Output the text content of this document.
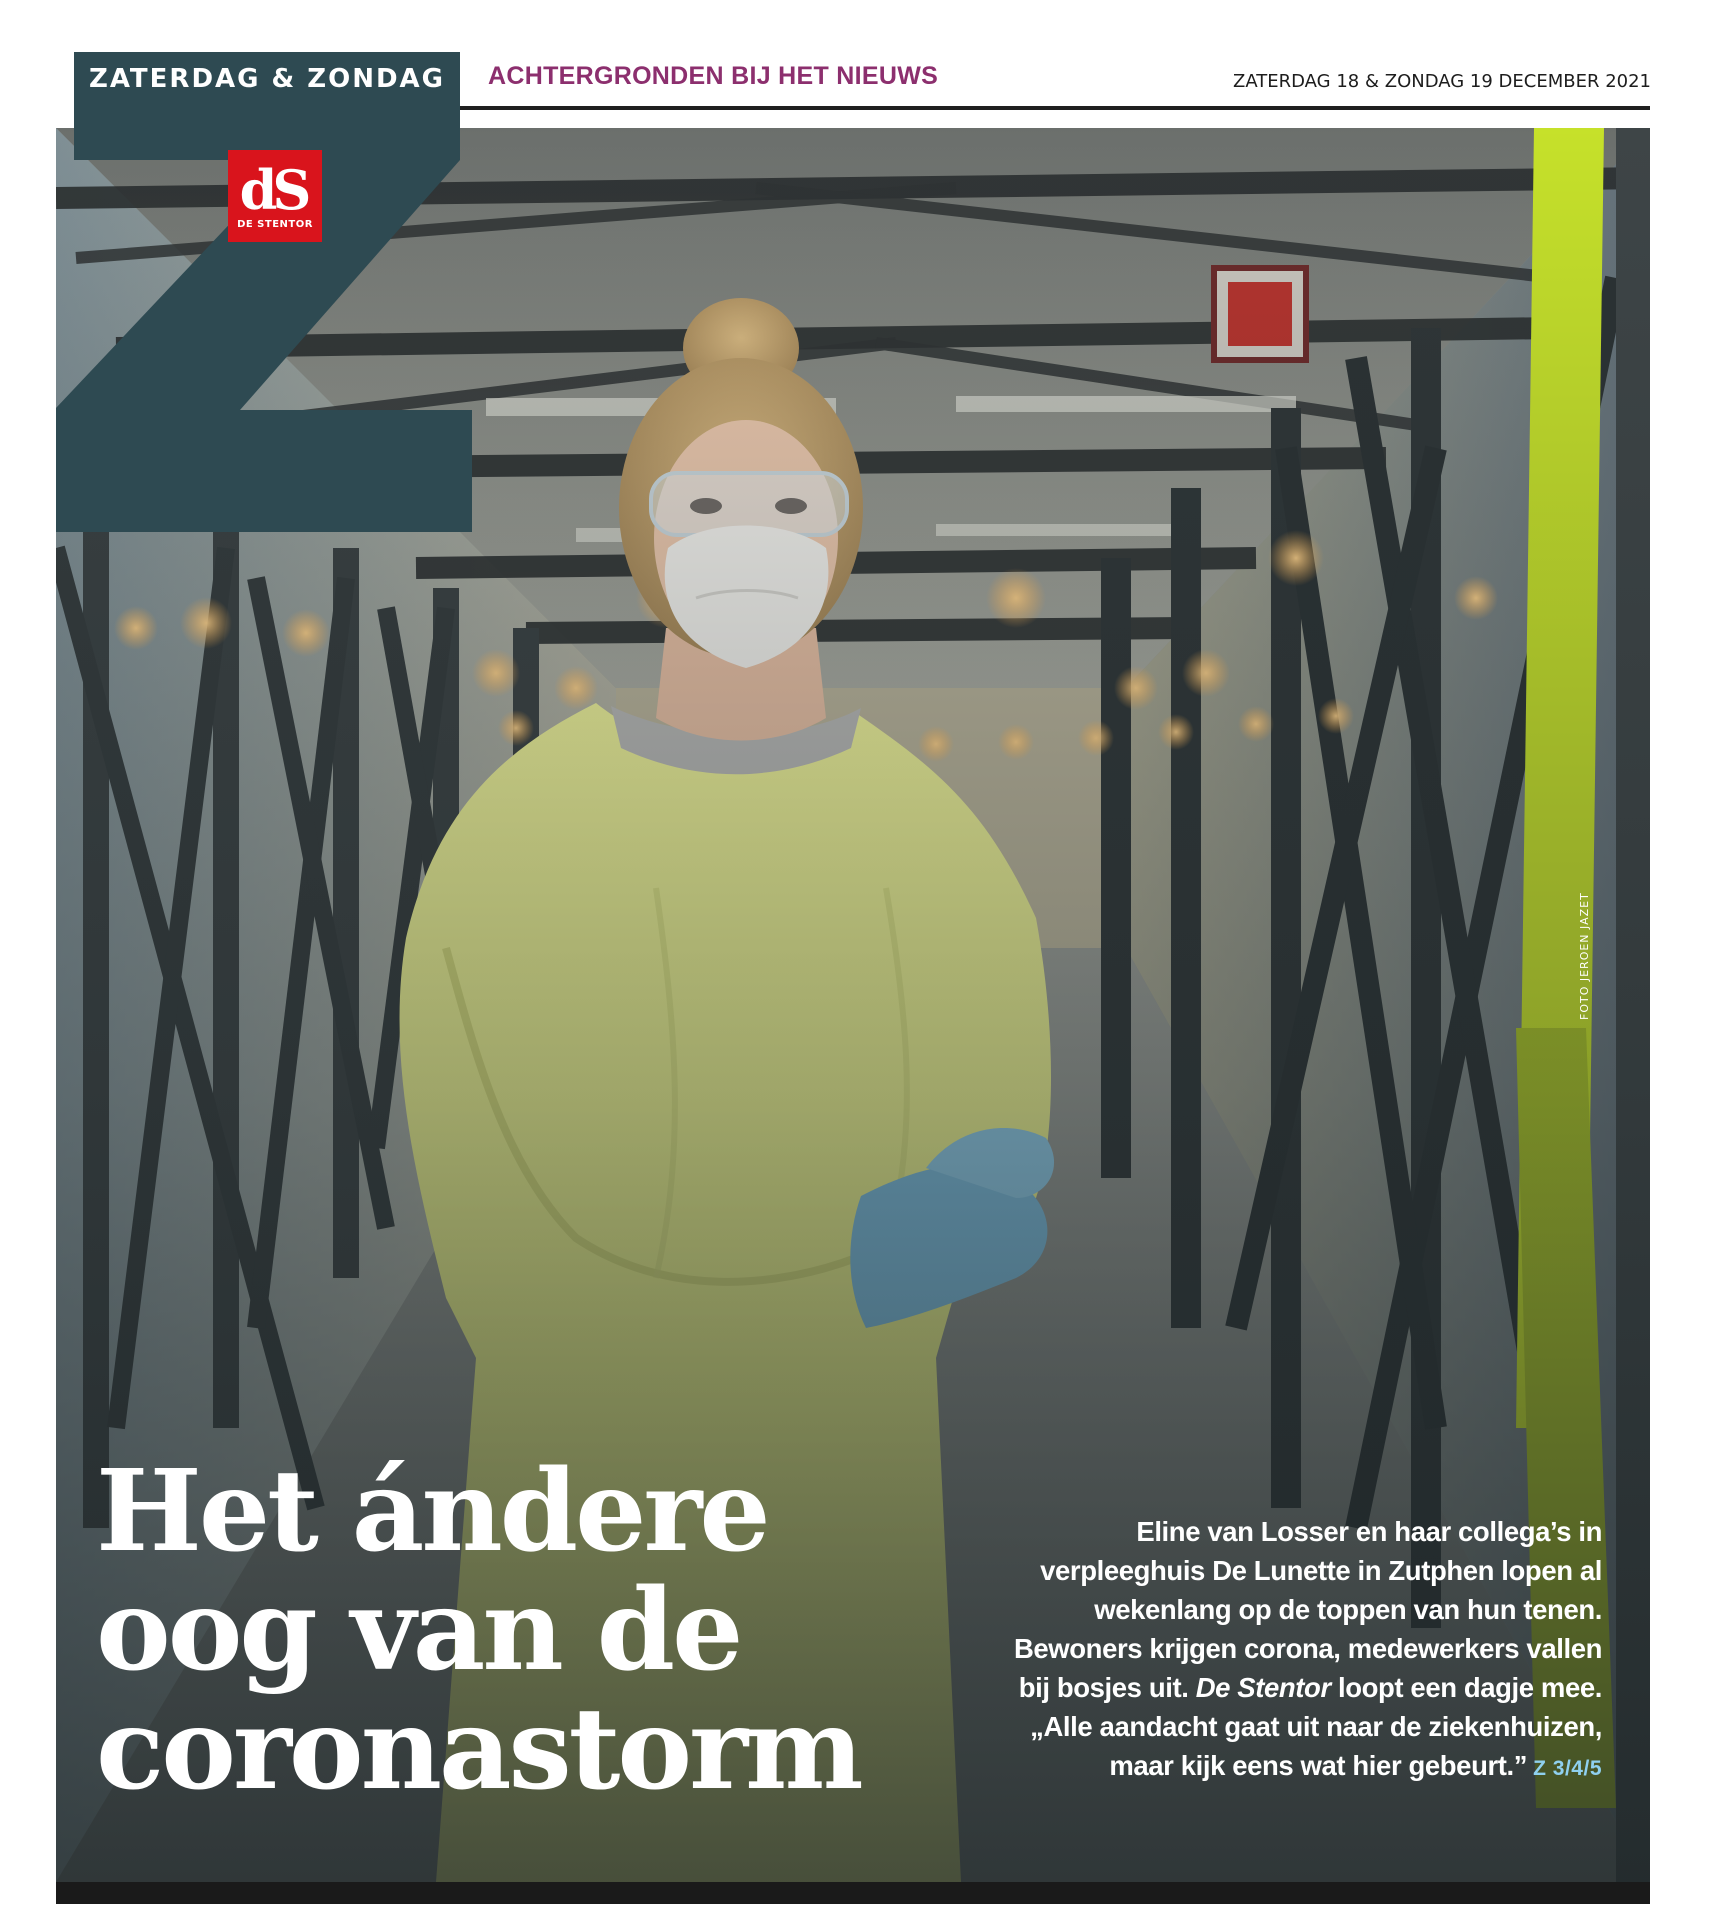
ZATERDAG & ZONDAG	ACHTERGRONDEN BIJ HET NIEUWS	ZATERDAG 18 & ZONDAG 19 DECEMBER 2021
dS
DE STENTOR
Het ándere
oog van de
coronastorm

Eline van Losser en haar collega’s in verpleeghuis De Lunette in Zutphen lopen al wekenlang op de toppen van hun tenen. Bewoners krijgen corona, medewerkers vallen bij bosjes uit. De Stentor loopt een dagje mee. „Alle aandacht gaat uit naar de ziekenhuizen, maar kijk eens wat hier gebeurt.” Z 3/4/5

FOTO JEROEN JAZET
